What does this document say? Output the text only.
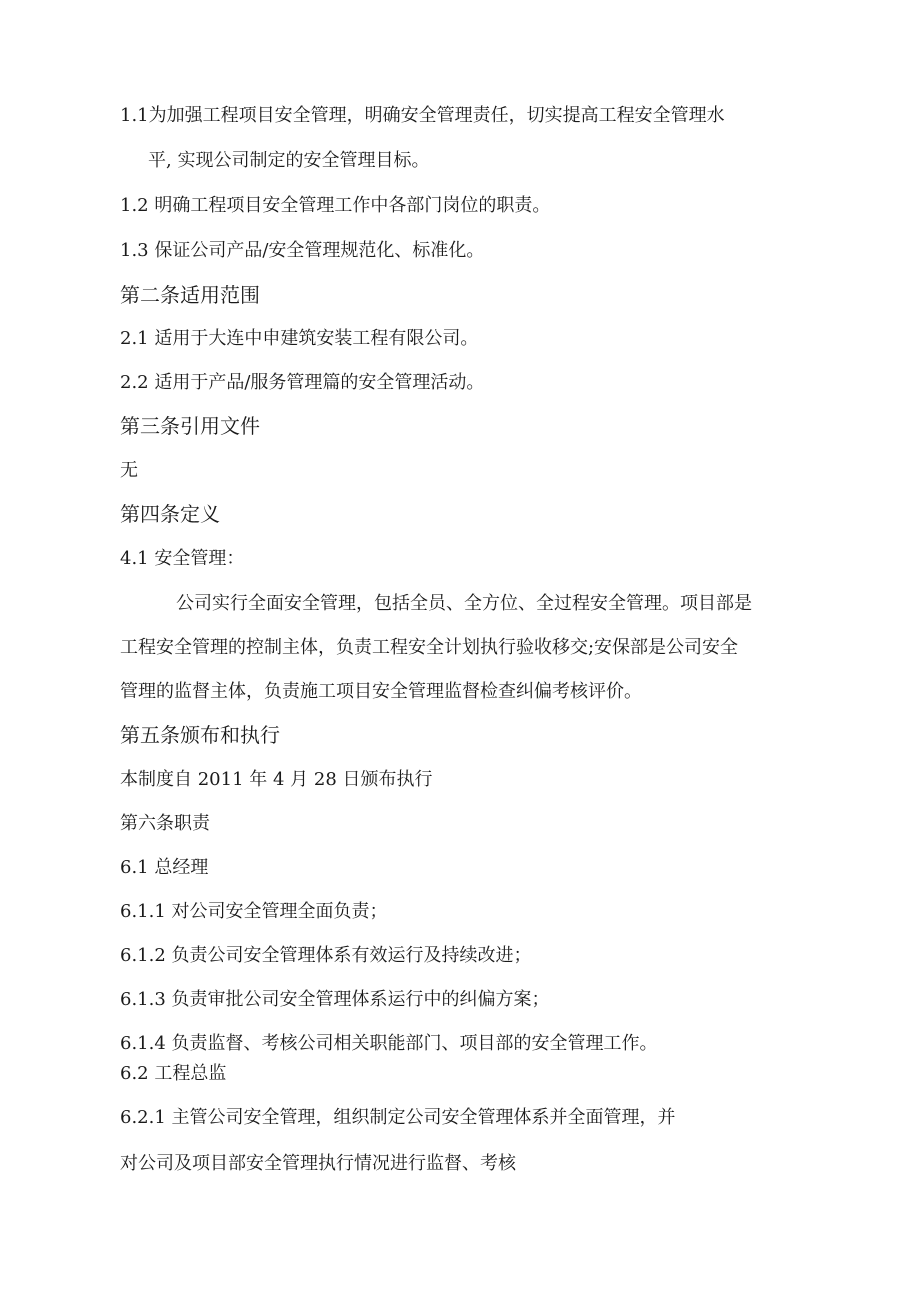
1.1为加强工程项目安全管理，明确安全管理责任，切实提高工程安全管理水
平, 实现公司制定的安全管理目标。
1.2 明确工程项目安全管理工作中各部门岗位的职责。
1.3 保证公司产品/安全管理规范化、标准化。
第二条适用范围
2.1 适用于大连中申建筑安装工程有限公司。
2.2 适用于产品/服务管理篇的安全管理活动。
第三条引用文件
无
第四条定义
4.1 安全管理：
公司实行全面安全管理，包括全员、全方位、全过程安全管理。项目部是
工程安全管理的控制主体，负责工程安全计划执行验收移交;安保部是公司安全
管理的监督主体，负责施工项目安全管理监督检查纠偏考核评价。
第五条颁布和执行
本制度自 2011 年 4 月 28 日颁布执行
第六条职责
6.1 总经理
6.1.1 对公司安全管理全面负责；
6.1.2 负责公司安全管理体系有效运行及持续改进；
6.1.3 负责审批公司安全管理体系运行中的纠偏方案；
6.1.4 负责监督、考核公司相关职能部门、项目部的安全管理工作。
6.2 工程总监
6.2.1 主管公司安全管理，组织制定公司安全管理体系并全面管理，并
对公司及项目部安全管理执行情况进行监督、考核
